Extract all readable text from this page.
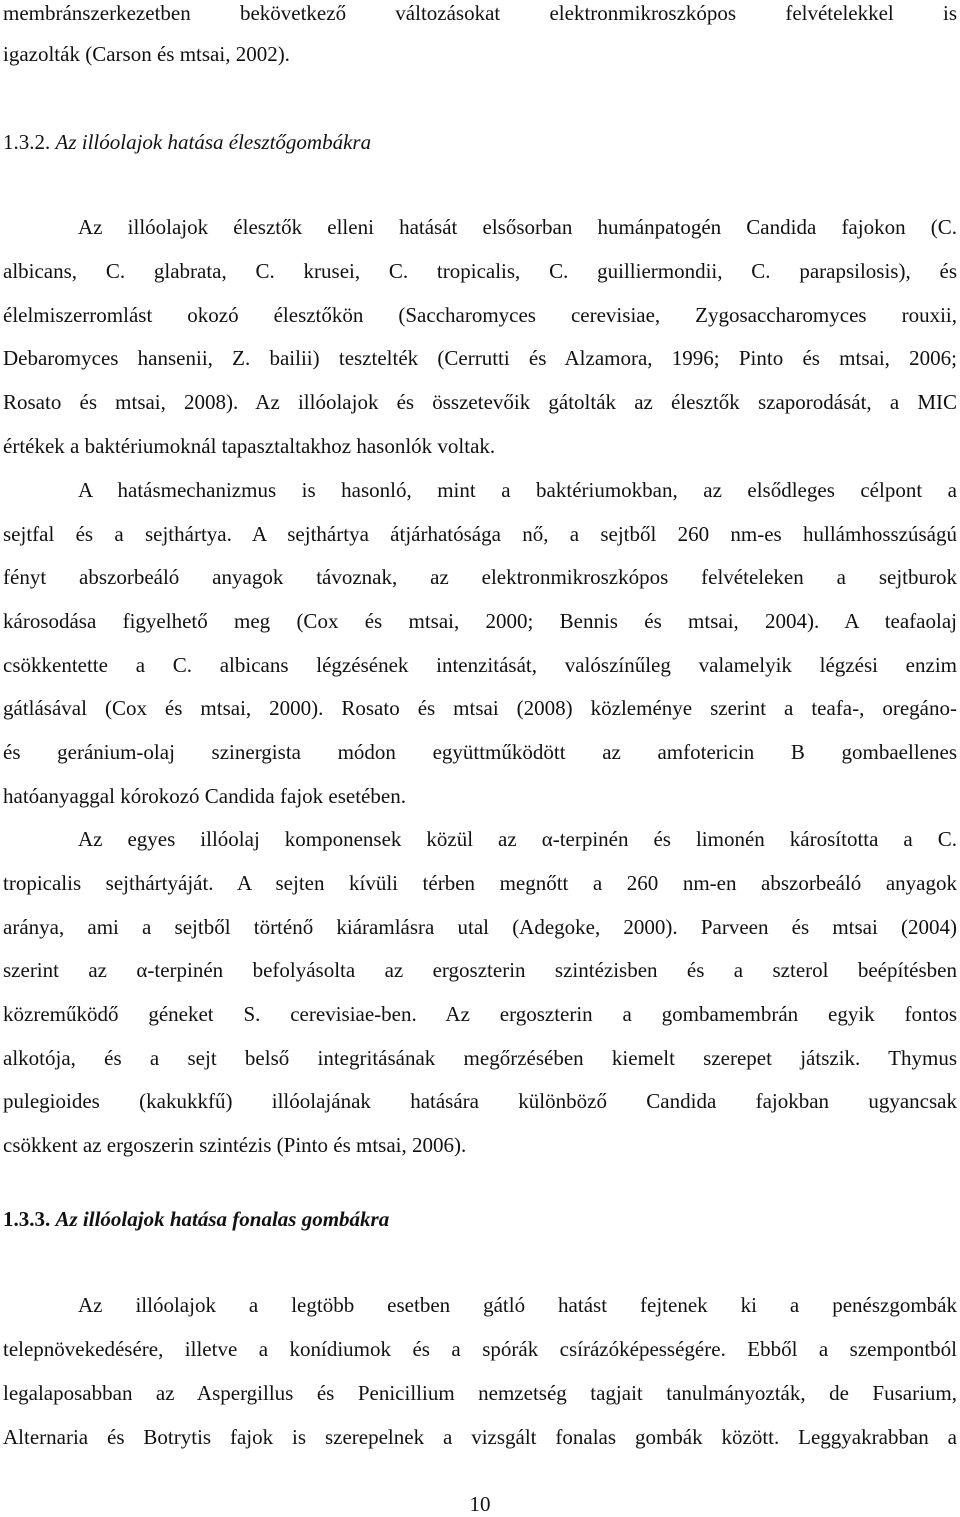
membránszerkezetben bekövetkező változásokat elektronmikroszkópos felvételekkel is
igazolták (Carson és mtsai, 2002).
1.3.2. Az illóolajok hatása élesztőgombákra
Az illóolajok élesztők elleni hatását elsősorban humánpatogén Candida fajokon (C.
albicans, C. glabrata, C. krusei, C. tropicalis, C. guilliermondii, C. parapsilosis), és
élelmiszerromlást okozó élesztőkön (Saccharomyces cerevisiae, Zygosaccharomyces rouxii,
Debaromyces hansenii, Z. bailii) tesztelték (Cerrutti és Alzamora, 1996; Pinto és mtsai, 2006;
Rosato és mtsai, 2008). Az illóolajok és összetevőik gátolták az élesztők szaporodását, a MIC
értékek a baktériumoknál tapasztaltakhoz hasonlók voltak.
A hatásmechanizmus is hasonló, mint a baktériumokban, az elsődleges célpont a
sejtfal és a sejthártya. A sejthártya átjárhatósága nő, a sejtből 260 nm-es hullámhosszúságú
fényt abszorbeáló anyagok távoznak, az elektronmikroszkópos felvételeken a sejtburok
károsodása figyelhető meg (Cox és mtsai, 2000; Bennis és mtsai, 2004). A teafaolaj
csökkentette a C. albicans légzésének intenzitását, valószínűleg valamelyik légzési enzim
gátlásával (Cox és mtsai, 2000). Rosato és mtsai (2008) közleménye szerint a teafa-, oregáno-
és geránium-olaj szinergista módon együttműködött az amfotericin B gombaellenes
hatóanyaggal kórokozó Candida fajok esetében.
Az egyes illóolaj komponensek közül az α-terpinén és limonén károsította a C.
tropicalis sejthártyáját. A sejten kívüli térben megnőtt a 260 nm-en abszorbeáló anyagok
aránya, ami a sejtből történő kiáramlásra utal (Adegoke, 2000). Parveen és mtsai (2004)
szerint az α-terpinén befolyásolta az ergoszterin szintézisben és a szterol beépítésben
közreműködő géneket S. cerevisiae-ben. Az ergoszterin a gombamembrán egyik fontos
alkotója, és a sejt belső integritásának megőrzésében kiemelt szerepet játszik. Thymus
pulegioides (kakukkfű) illóolajának hatására különböző Candida fajokban ugyancsak
csökkent az ergoszerin szintézis (Pinto és mtsai, 2006).
1.3.3. Az illóolajok hatása fonalas gombákra
Az illóolajok a legtöbb esetben gátló hatást fejtenek ki a penészgombák
telepnövekedésére, illetve a konídiumok és a spórák csírázóképességére. Ebből a szempontból
legalaposabban az Aspergillus és Penicillium nemzetség tagjait tanulmányozták, de Fusarium,
Alternaria és Botrytis fajok is szerepelnek a vizsgált fonalas gombák között. Leggyakrabban a
10
